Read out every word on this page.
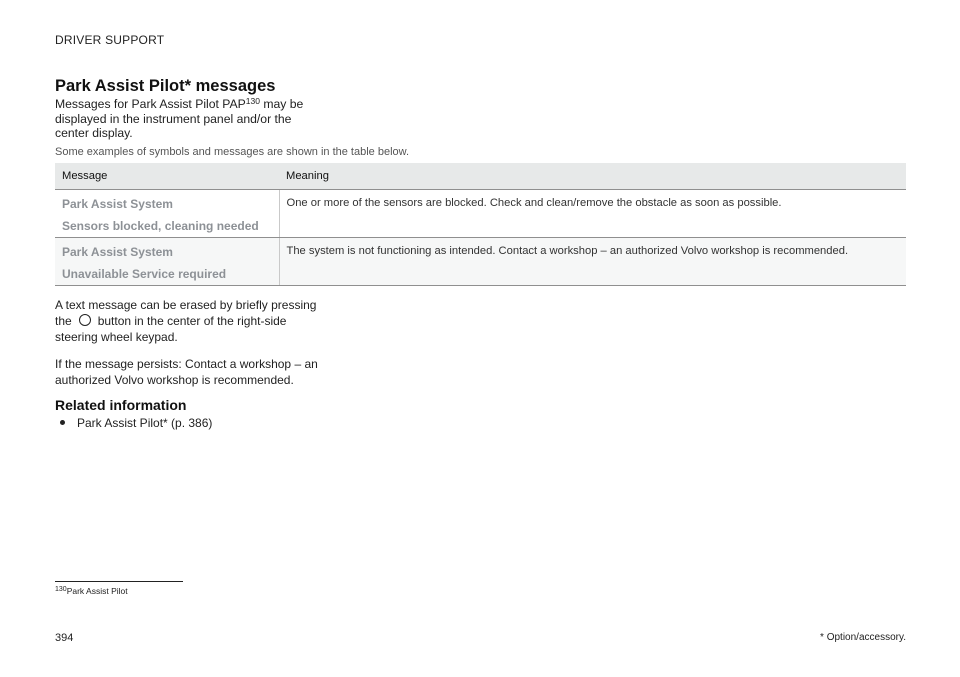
DRIVER SUPPORT
Park Assist Pilot* messages

Messages for Park Assist Pilot PAP$^{130}$ may be displayed in the instrument panel and/or the center display.

Some examples of symbols and messages are shown in the table below.
Message	Meaning

Park Assist System
Sensors blocked, cleaning needed	One or more of the sensors are blocked. Check and clean/remove the obstacle as soon as possible.

Park Assist System
Unavailable Service required	The system is not functioning as intended. Contact a workshop – an authorized Volvo workshop is recommended.

A text message can be erased by briefly pressing the button in the center of the right-side steering wheel keypad.

If the message persists: Contact a workshop – an authorized Volvo workshop is recommended.

Related information
Park Assist Pilot* (p. 386)
$^{130}$Park Assist Pilot
394	* Option/accessory.
